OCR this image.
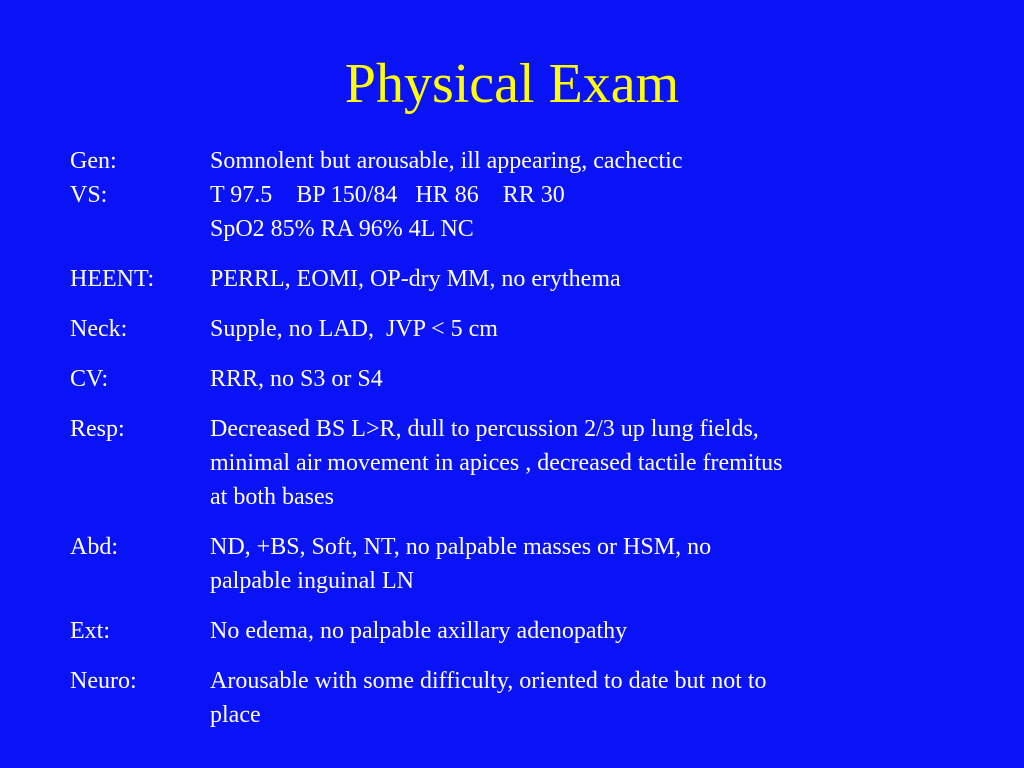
Physical Exam
Gen:	Somnolent but arousable, ill appearing, cachectic
VS:	T 97.5    BP 150/84   HR 86    RR 30
SpO2 85% RA 96% 4L NC
HEENT:	PERRL, EOMI, OP-dry MM, no erythema
Neck:	Supple, no LAD,  JVP < 5 cm
CV:	RRR, no S3 or S4
Resp:	Decreased BS L>R, dull to percussion 2/3 up lung fields,
minimal air movement in apices , decreased tactile fremitus
at both bases
Abd:	ND, +BS, Soft, NT, no palpable masses or HSM, no
palpable inguinal LN
Ext:	No edema, no palpable axillary adenopathy
Neuro:	Arousable with some difficulty, oriented to date but not to
place
